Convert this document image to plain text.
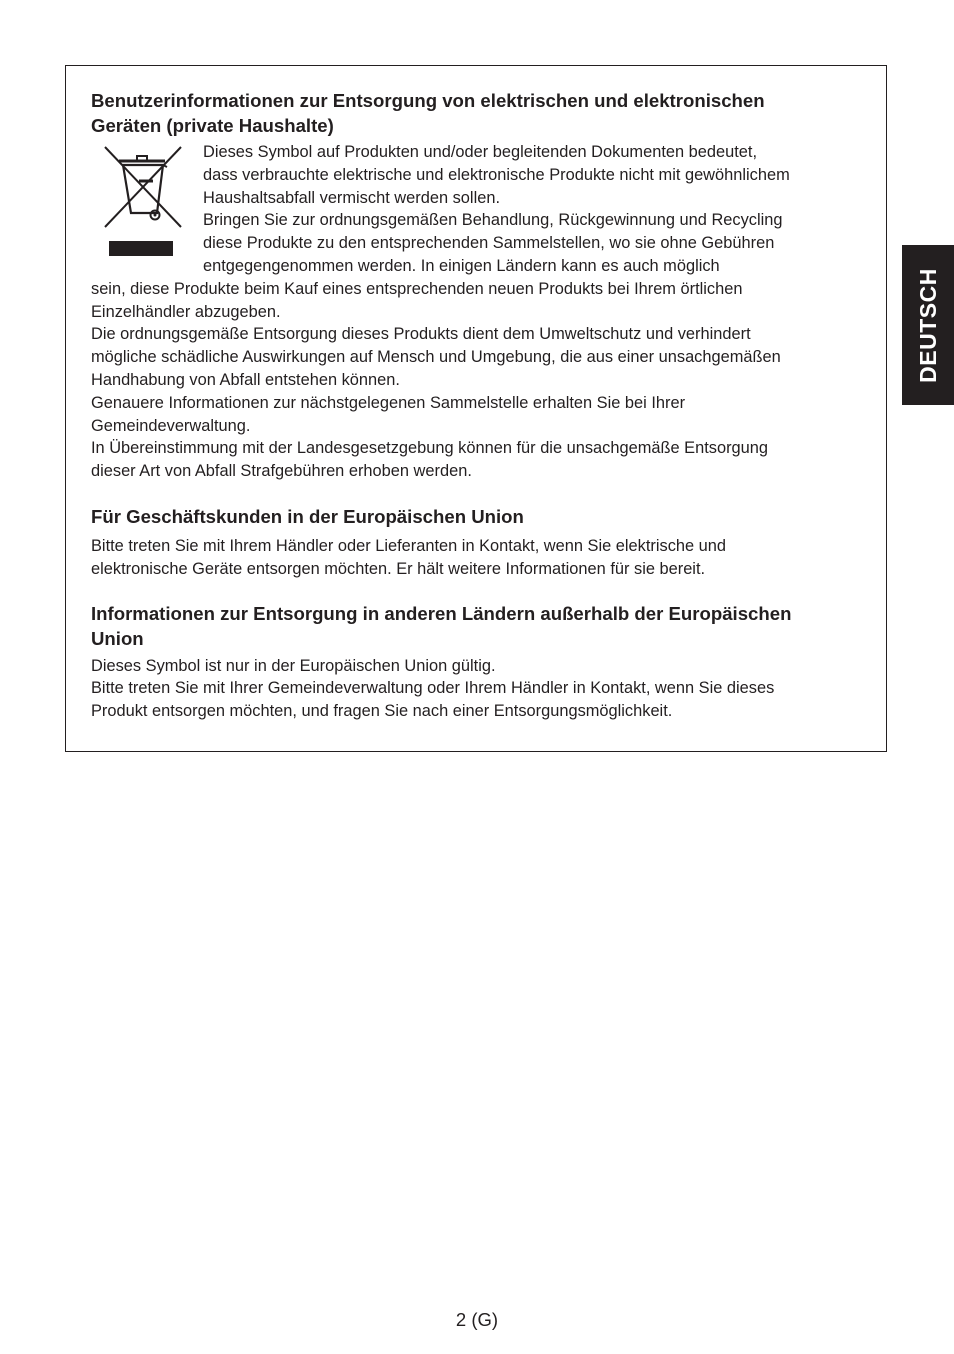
Benutzerinformationen zur Entsorgung von elektrischen und elektronischen
Geräten (private Haushalte)

Dieses Symbol auf Produkten und/oder begleitenden Dokumenten bedeutet,
dass verbrauchte elektrische und elektronische Produkte nicht mit gewöhnlichem
Haushaltsabfall vermischt werden sollen.
Bringen Sie zur ordnungsgemäßen Behandlung, Rückgewinnung und Recycling
diese Produkte zu den entsprechenden Sammelstellen, wo sie ohne Gebühren
entgegengenommen werden. In einigen Ländern kann es auch möglich

sein, diese Produkte beim Kauf eines entsprechenden neuen Produkts bei Ihrem örtlichen
Einzelhändler abzugeben.
Die ordnungsgemäße Entsorgung dieses Produkts dient dem Umweltschutz und verhindert
mögliche schädliche Auswirkungen auf Mensch und Umgebung, die aus einer unsachgemäßen
Handhabung von Abfall entstehen können.
Genauere Informationen zur nächstgelegenen Sammelstelle erhalten Sie bei Ihrer
Gemeindeverwaltung.
In Übereinstimmung mit der Landesgesetzgebung können für die unsachgemäße Entsorgung
dieser Art von Abfall Strafgebühren erhoben werden.

Für Geschäftskunden in der Europäischen Union

Bitte treten Sie mit Ihrem Händler oder Lieferanten in Kontakt, wenn Sie elektrische und
elektronische Geräte entsorgen möchten. Er hält weitere Informationen für sie bereit.

Informationen zur Entsorgung in anderen Ländern außerhalb der Europäischen
Union

Dieses Symbol ist nur in der Europäischen Union gültig.
Bitte treten Sie mit Ihrer Gemeindeverwaltung oder Ihrem Händler in Kontakt, wenn Sie dieses
Produkt entsorgen möchten, und fragen Sie nach einer Entsorgungsmöglichkeit.

DEUTSCH
2 (G)
